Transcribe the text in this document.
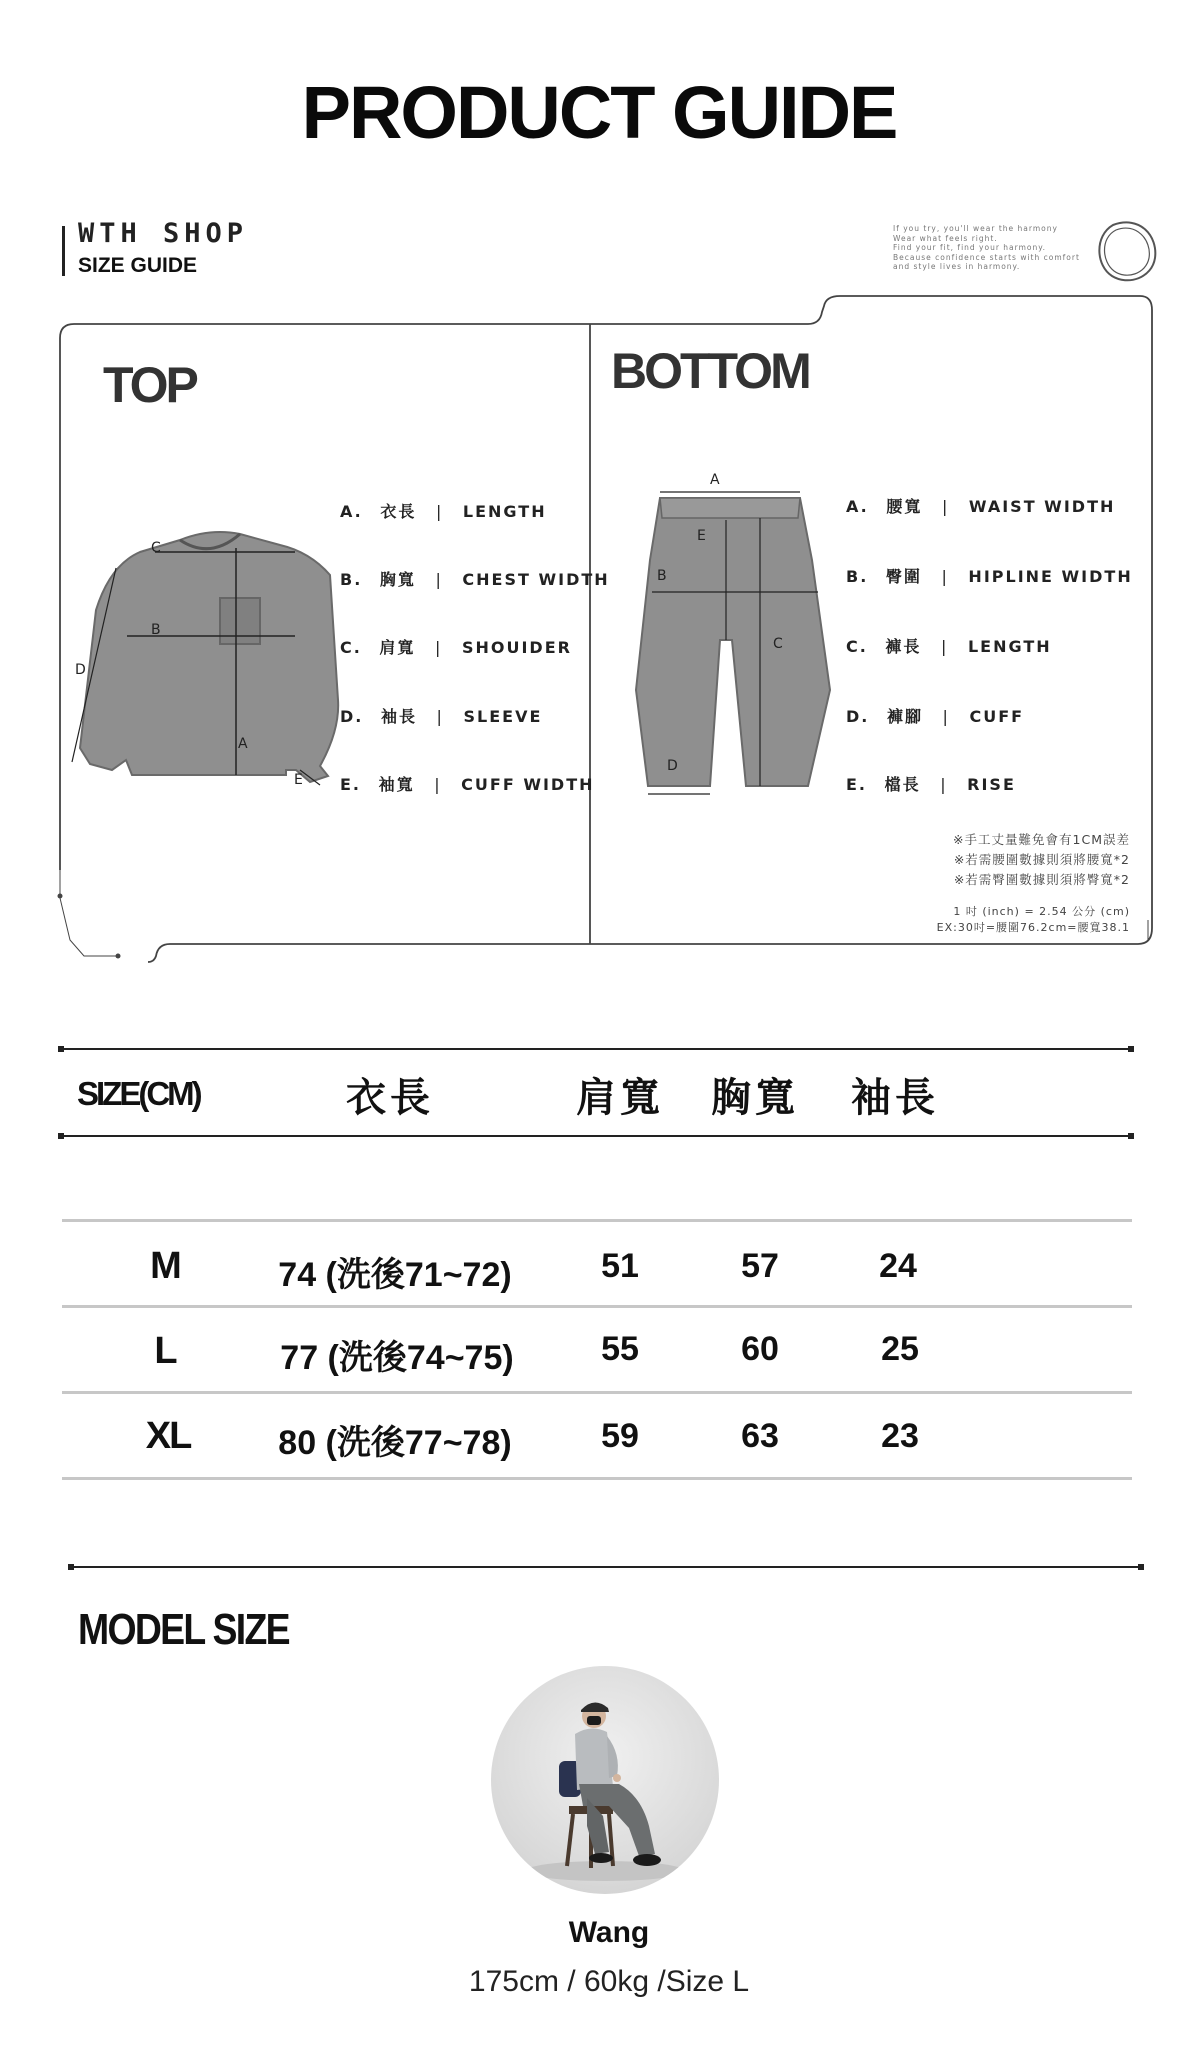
PRODUCT GUIDE
WTH SHOP
SIZE GUIDE
If you try, you'll wear the harmony
Wear what feels right.
Find your fit, find your harmony.
Because confidence starts with comfort
and style lives in harmony.
C
B
D
A
E
A
E
B
C
D
TOP	BOTTOM
A. 衣長 | LENGTH
B. 胸寬 | CHEST WIDTH
C. 肩寬 | SHOUIDER
D. 袖長 | SLEEVE
E. 袖寬 | CUFF WIDTH
A. 腰寬 | WAIST WIDTH
B. 臀圍 | HIPLINE WIDTH
C. 褲長 | LENGTH
D. 褲腳 | CUFF
E. 檔長 | RISE
※手工丈量難免會有1CM誤差
※若需腰圍數據則須將腰寬*2
※若需臀圍數據則須將臀寬*2
1 吋 (inch) = 2.54 公分 (cm)
EX:30吋=腰圍76.2cm=腰寬38.1
SIZE(CM)	衣長	肩寬	胸寬	袖長
M	74 (洗後71~72)	51	57	24
L	77 (洗後74~75)	55	60	25
XL	80 (洗後77~78)	59	63	23
MODEL SIZE
Wang
175cm / 60kg /Size L
